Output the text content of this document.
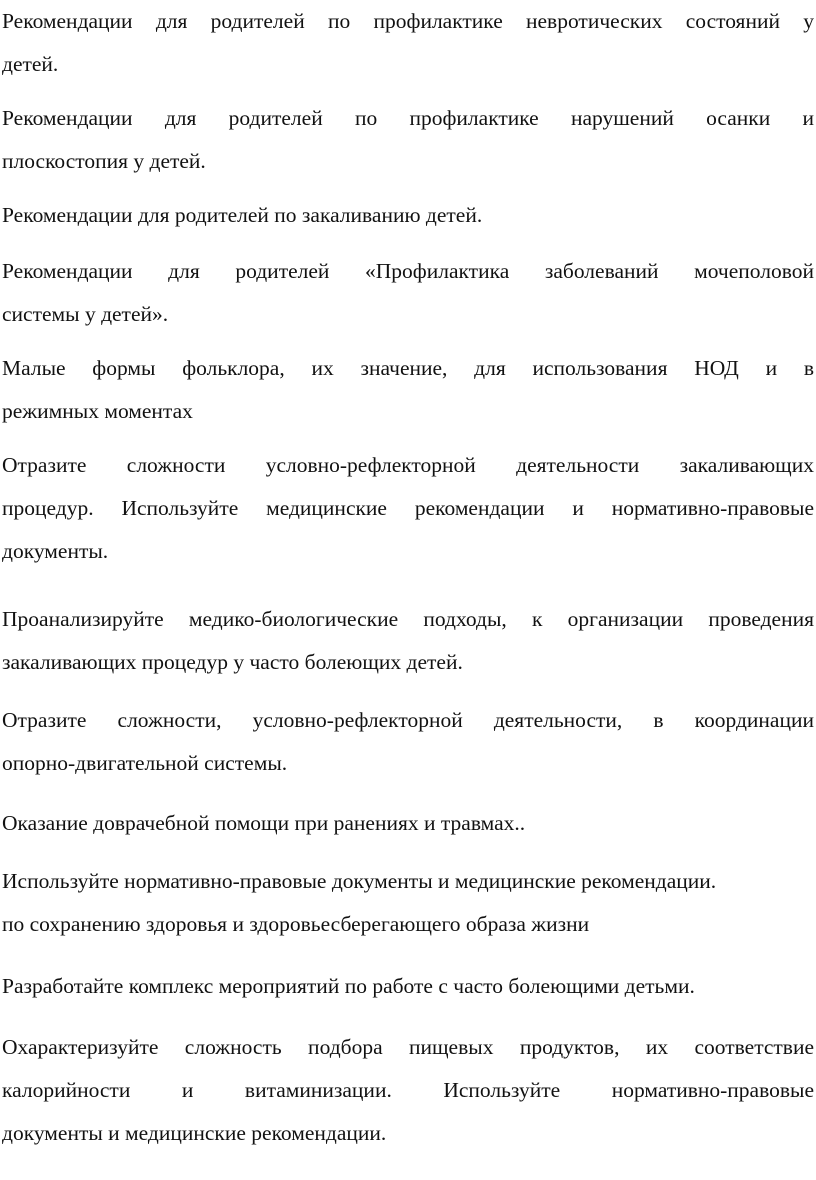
Рекомендации для родителей по профилактике невротических состояний у
детей.

Рекомендации для родителей по профилактике нарушений осанки и
плоскостопия у детей.

Рекомендации для родителей по закаливанию детей.

Рекомендации для родителей «Профилактика заболеваний мочеполовой
системы у детей».

Малые формы фольклора, их значение, для использования НОД и в
режимных моментах

Отразите сложности условно-рефлекторной деятельности закаливающих
процедур. Используйте медицинские рекомендации и нормативно-правовые
документы.

Проанализируйте медико-биологические подходы, к организации проведения
закаливающих процедур у часто болеющих детей.

Отразите сложности, условно-рефлекторной деятельности, в координации
опорно-двигательной системы.

Оказание доврачебной помощи при ранениях и травмах..

Используйте нормативно-правовые документы и медицинские рекомендации.
по сохранению здоровья и здоровьесберегающего образа жизни

Разработайте комплекс мероприятий по работе с часто болеющими детьми.

Охарактеризуйте сложность подбора пищевых продуктов, их соответствие
калорийности и витаминизации. Используйте нормативно-правовые
документы и медицинские рекомендации.
